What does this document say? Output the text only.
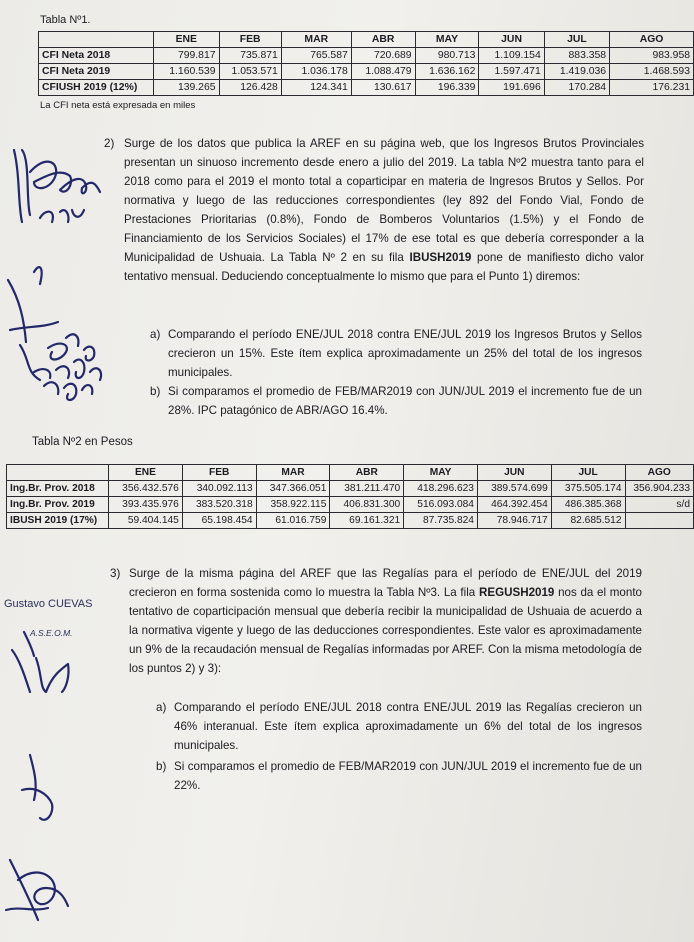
Tabla Nº1.
	ENE	FEB	MAR	ABR	MAY	JUN	JUL	AGO
CFI Neta 2018	799.817	735.871	765.587	720.689	980.713	1.109.154	883.358	983.958
CFI Neta 2019	1.160.539	1.053.571	1.036.178	1.088.479	1.636.162	1.597.471	1.419.036	1.468.593
CFIUSH 2019 (12%)	139.265	126.428	124.341	130.617	196.339	191.696	170.284	176.231
La CFI neta está expresada en miles
2) Surge de los datos que publica la AREF en su página web, que los Ingresos Brutos Provinciales presentan un sinuoso incremento desde enero a julio del 2019. La tabla Nº2 muestra tanto para el 2018 como para el 2019 el monto total a coparticipar en materia de Ingresos Brutos y Sellos. Por normativa y luego de las reducciones correspondientes (ley 892 del Fondo Vial, Fondo de Prestaciones Prioritarias (0.8%), Fondo de Bomberos Voluntarios (1.5%) y el Fondo de Financiamiento de los Servicios Sociales) el 17% de ese total es que debería corresponder a la Municipalidad de Ushuaia. La Tabla Nº 2 en su fila IBUSH2019 pone de manifiesto dicho valor tentativo mensual. Deduciendo conceptualmente lo mismo que para el Punto 1) diremos:
a) Comparando el período ENE/JUL 2018 contra ENE/JUL 2019 los Ingresos Brutos y Sellos crecieron un 15%. Este ítem explica aproximadamente un 25% del total de los ingresos municipales.
b) Si comparamos el promedio de FEB/MAR2019 con JUN/JUL 2019 el incremento fue de un 28%. IPC patagónico de ABR/AGO 16.4%.
Tabla Nº2 en Pesos
	ENE	FEB	MAR	ABR	MAY	JUN	JUL	AGO
Ing.Br. Prov. 2018	356.432.576	340.092.113	347.366.051	381.211.470	418.296.623	389.574.699	375.505.174	356.904.233
Ing.Br. Prov. 2019	393.435.976	383.520.318	358.922.115	406.831.300	516.093.084	464.392.454	486.385.368	s/d
IBUSH 2019 (17%)	59.404.145	65.198.454	61.016.759	69.161.321	87.735.824	78.946.717	82.685.512	
3) Surge de la misma página del AREF que las Regalías para el período de ENE/JUL del 2019 crecieron en forma sostenida como lo muestra la Tabla Nº3. La fila REGUSH2019 nos da el monto tentativo de coparticipación mensual que debería recibir la municipalidad de Ushuaia de acuerdo a la normativa vigente y luego de las deducciones correspondientes. Este valor es aproximadamente un 9% de la recaudación mensual de Regalías informadas por AREF. Con la misma metodología de los puntos 2) y 3):
a) Comparando el período ENE/JUL 2018 contra ENE/JUL 2019 las Regalías crecieron un 46% interanual. Este ítem explica aproximadamente un 6% del total de los ingresos municipales.
b) Si comparamos el promedio de FEB/MAR2019 con JUN/JUL 2019 el incremento fue de un 22%.
Gustavo CUEVAS
A.S.E.O.M.
